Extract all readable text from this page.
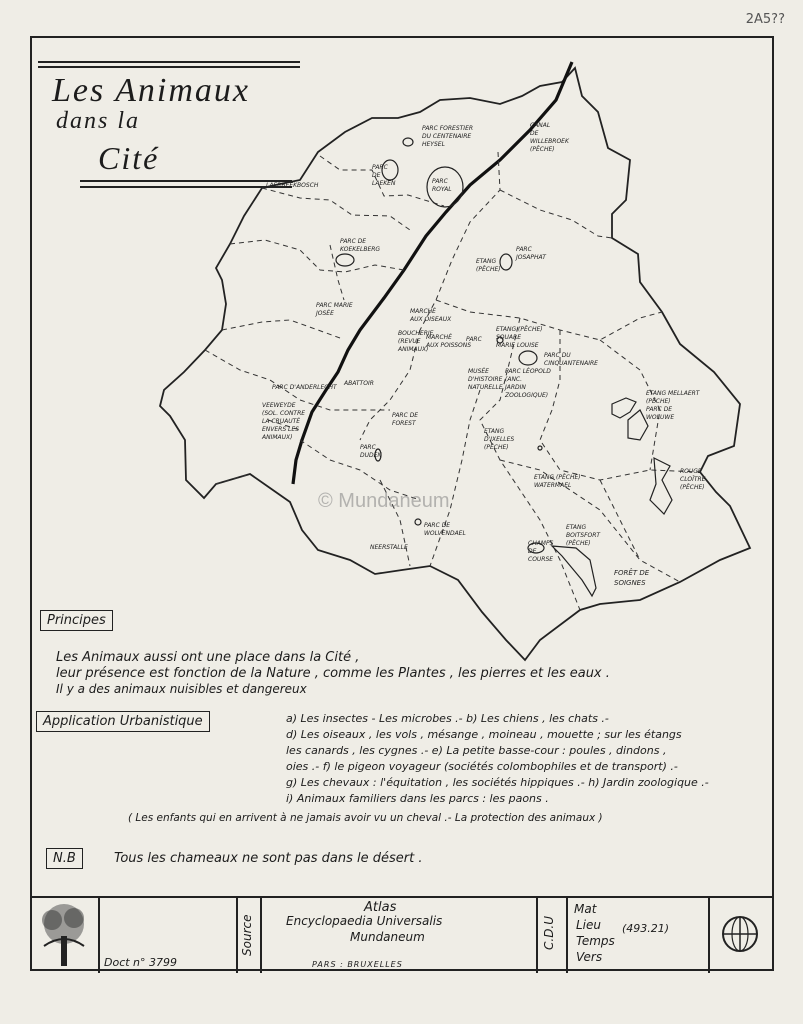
2A5??
Les Animaux
dans la
Cité
PARC FORESTIER
DU CENTENAIRE
HEYSEL
CANAL
DE
WILLEBROEK
(PÊCHE)
PARC
DE
LAEKEN	PARC
ROYAL
LAERBEEKBOSCH
PARC DE
KOEKELBERG	PARC
JOSAPHAT
ETANG
(PÊCHE)
PARC MARIE
JOSÉE	MARCHÉ
AUX OISEAUX
BOUCHERIE
(REVUE
ANIMAUX)
MARCHÉ
AUX POISSONS
ETANG (PÊCHE)
SQUARE
MARIE LOUISE
PARC
PARC DU
CINQUANTENAIRE
ABATTOIR
MUSÉE
D'HISTOIRE
NATURELLE
PARC LÉOPOLD
(ANC.
JARDIN
ZOOLOGIQUE)
PARC D'ANDERLECHT
VEEWEYDE
(SOL. CONTRE
LA CRUAUTÉ
ENVERS LES
ANIMAUX)
PARC DE
FOREST
ETANG MELLAERT
(PÊCHE)
PARC DE
WOLUWE
ETANG
D'IXELLES
(PÊCHE)
PARC
DUDEN
ETANG (PÊCHE)
WATERMAEL
ROUGE
CLOÎTRE
(PÊCHE)
PARC DE
WOLVENDAEL
ETANG
BOITSFORT
(PÊCHE)
NEERSTALLE
CHAMPS
DE
COURSE
FORÊT DE
SOIGNES
© Mundaneum
Principes
Les Animaux aussi ont une place dans la Cité ,
leur présence est fonction de la Nature , comme les Plantes , les pierres et les eaux .
Il y a des animaux nuisibles et dangereux
Application Urbanistique	a) Les insectes - Les microbes .- b) Les chiens , les chats .-
d) Les oiseaux , les vols , mésange , moineau , mouette ; sur les étangs
les canards , les cygnes .- e) La petite basse-cour : poules , dindons ,
oies .- f) le pigeon voyageur (sociétés colombophiles et de transport) .-
g) Les chevaux : l'équitation , les sociétés hippiques .- h) Jardin zoologique .-
i) Animaux familiers dans les parcs : les paons .
( Les enfants qui en arrivent à ne jamais avoir vu un cheval .- La protection des animaux )
N.B	Tous les chameaux ne sont pas dans le désert .
Doct n° 3799
Source
Atlas
Encyclopaedia Universalis
Mundaneum
PARS : BRUXELLES
C.D.U
Mat
Lieu
Temps
Vers
(493.21)
